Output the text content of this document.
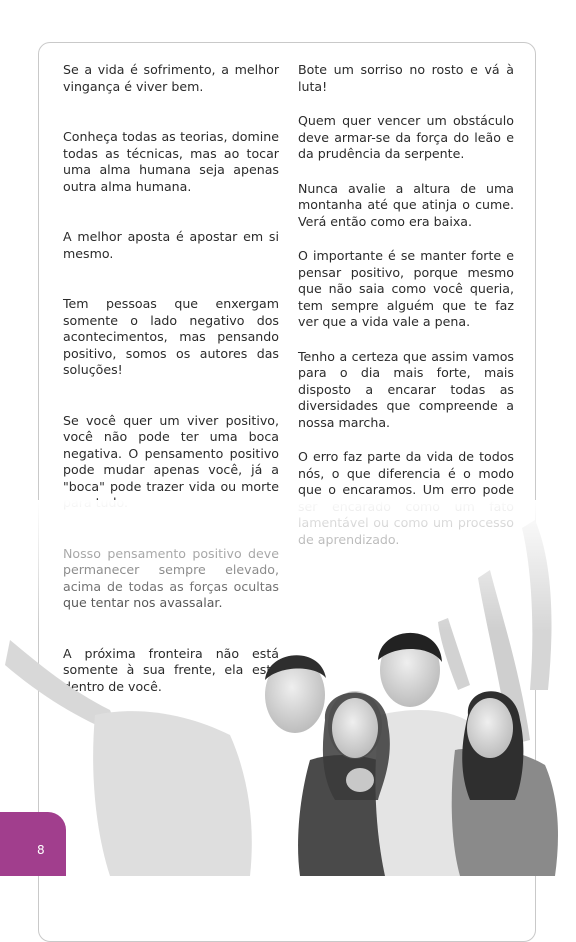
Se a vida é sofrimento, a melhor vingança é viver bem.

Conheça todas as teorias, domine todas as técnicas, mas ao tocar uma alma humana seja apenas outra alma humana.

A melhor aposta é apostar em si mesmo.

Tem pessoas que enxergam somente o lado negativo dos acontecimentos, mas pensando positivo, somos os autores das soluções!

Se você quer um viver positivo, você não pode ter uma boca negativa. O pensamento positivo pode mudar apenas você, já a "boca" pode trazer vida ou morte

Bote um sorriso no rosto e vá à luta!

Quem quer vencer um obstáculo deve armar-se da força do leão e da prudência da serpente.

Nunca avalie a altura de uma montanha até que atinja o cume. Verá então como era baixa.

O importante é se manter forte e pensar positivo, porque mesmo que não saia como você queria, tem sempre alguém que te faz ver que a vida vale a pena.

Tenho a certeza que assim vamos para o dia mais forte, mais disposto a encarar todas as diversidades que compreende a nossa marcha.

O erro faz parte da vida de todos nós, o que diferencia é o modo que o encaramos. Um erro pode

8
